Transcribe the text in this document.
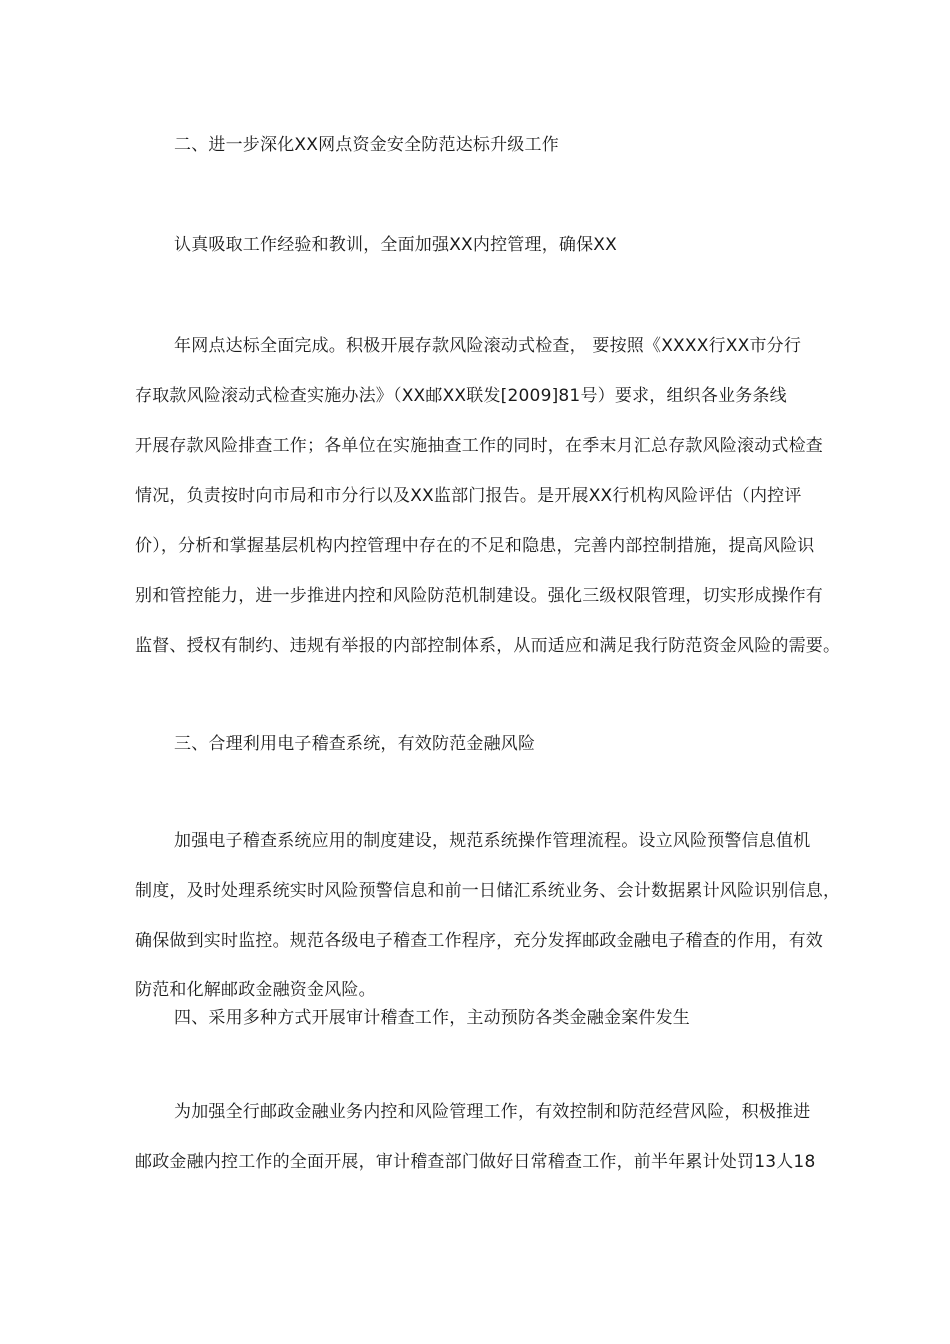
二、进一步深化XX网点资金安全防范达标升级工作
认真吸取工作经验和教训，全面加强XX内控管理，确保XX
年网点达标全面完成。积极开展存款风险滚动式检查， 要按照《XXXX行XX市分行
存取款风险滚动式检查实施办法》（XX邮XX联发[2009]81号）要求，组织各业务条线
开展存款风险排查工作；各单位在实施抽查工作的同时，在季末月汇总存款风险滚动式检查
情况，负责按时向市局和市分行以及XX监部门报告。是开展XX行机构风险评估（内控评
价），分析和掌握基层机构内控管理中存在的不足和隐患，完善内部控制措施，提高风险识
别和管控能力，进一步推进内控和风险防范机制建设。强化三级权限管理，切实形成操作有
监督、授权有制约、违规有举报的内部控制体系，从而适应和满足我行防范资金风险的需要。
三、合理利用电子稽查系统，有效防范金融风险
加强电子稽查系统应用的制度建设，规范系统操作管理流程。设立风险预警信息值机
制度，及时处理系统实时风险预警信息和前一日储汇系统业务、会计数据累计风险识别信息，
确保做到实时监控。规范各级电子稽查工作程序，充分发挥邮政金融电子稽查的作用，有效
防范和化解邮政金融资金风险。
四、采用多种方式开展审计稽查工作，主动预防各类金融金案件发生
为加强全行邮政金融业务内控和风险管理工作，有效控制和防范经营风险，积极推进
邮政金融内控工作的全面开展，审计稽查部门做好日常稽查工作，前半年累计处罚13人18
